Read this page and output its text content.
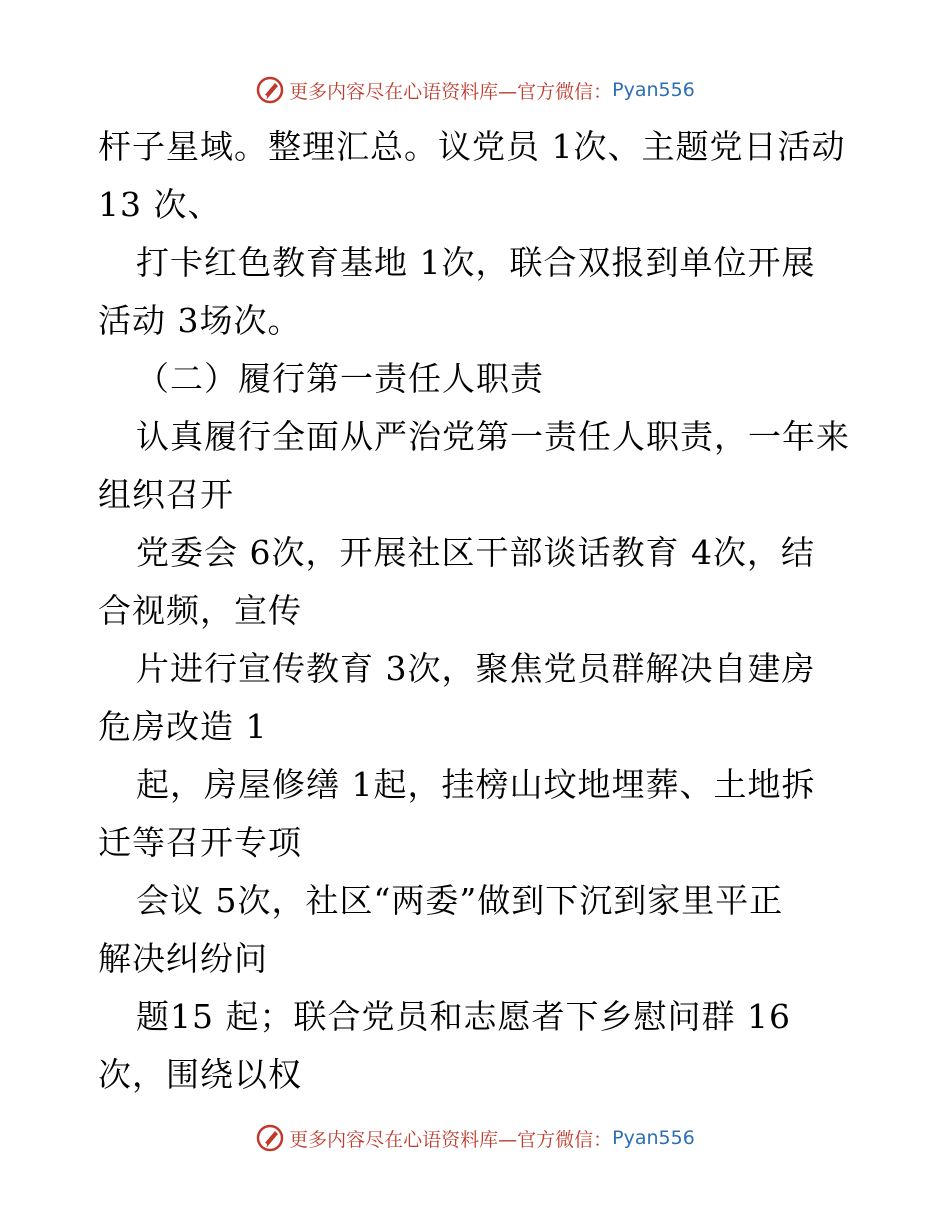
更多内容尽在心语资料库—官方微信： Pyan556
杆子星域。整理汇总。议党员 1次、主题党日活动
13 次、
打卡红色教育基地 1次，联合双报到单位开展
活动 3场次。
（二）履行第一责任人职责
认真履行全面从严治党第一责任人职责，一年来
组织召开
党委会 6次，开展社区干部谈话教育 4次，结
合视频，宣传
片进行宣传教育 3次，聚焦党员群解决自建房
危房改造 1
起，房屋修缮 1起，挂榜山坟地埋葬、土地拆
迁等召开专项
会议 5次，社区“两委”做到下沉到家里平正
解决纠纷问
题15 起；联合党员和志愿者下乡慰问群 16
次，围绕以权
更多内容尽在心语资料库—官方微信： Pyan556
